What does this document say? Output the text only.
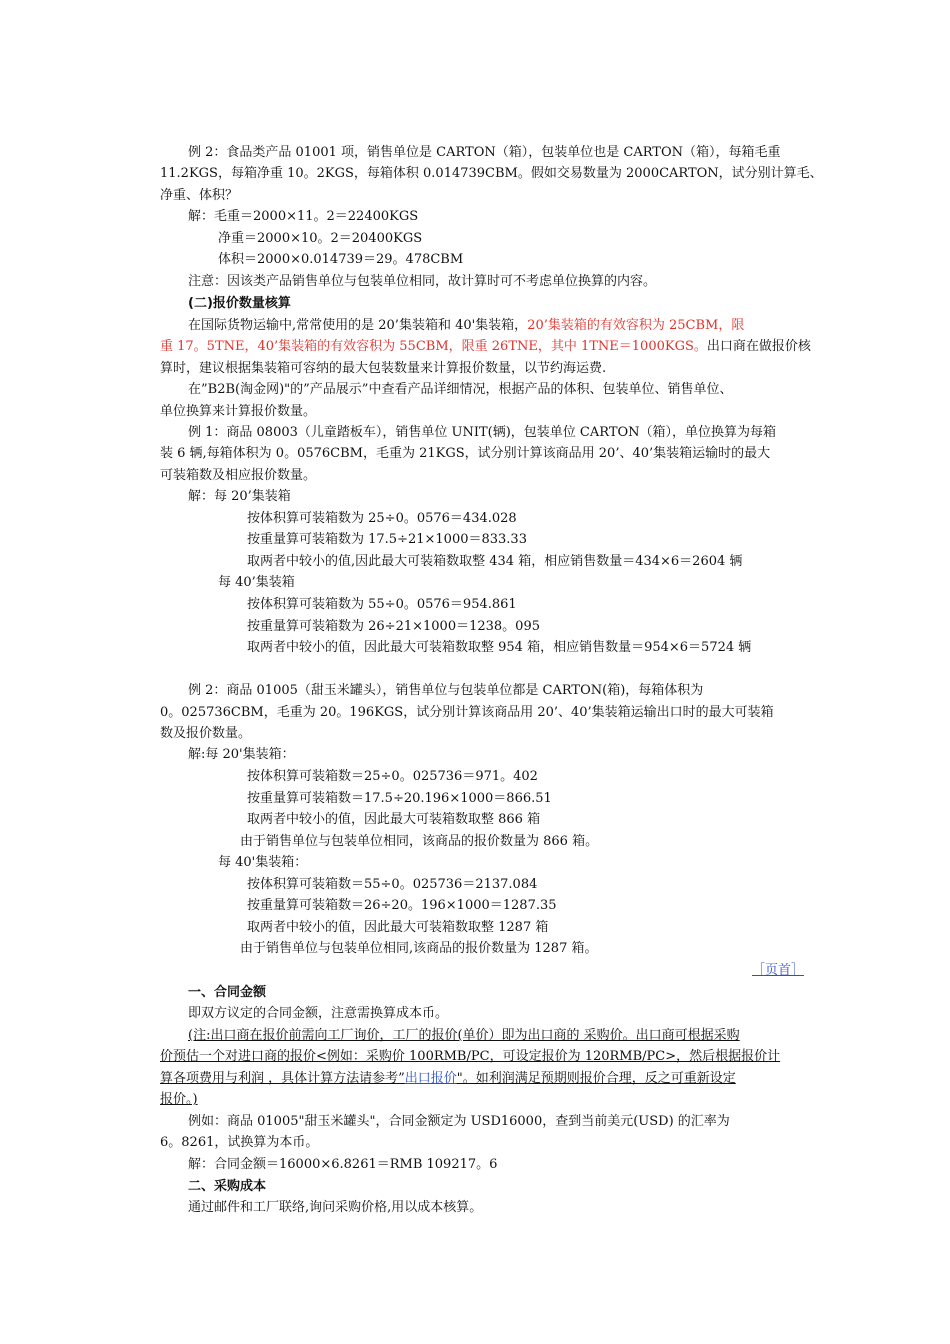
例 2：食品类产品 01001 项，销售单位是 CARTON（箱），包装单位也是 CARTON（箱），每箱毛重
11.2KGS，每箱净重 10。2KGS，每箱体积 0.014739CBM。假如交易数量为 2000CARTON，试分别计算毛、
净重、体积？
解：毛重＝2000×11。2＝22400KGS
净重＝2000×10。2＝20400KGS
体积＝2000×0.014739＝29。478CBM
注意：因该类产品销售单位与包装单位相同，故计算时可不考虑单位换算的内容。
(二)报价数量核算
在国际货物运输中,常常使用的是 20’集装箱和 40'集装箱，20’集装箱的有效容积为 25CBM，限
重 17。5TNE，40’集装箱的有效容积为 55CBM，限重 26TNE，其中 1TNE＝1000KGS。出口商在做报价核
算时，建议根据集装箱可容纳的最大包装数量来计算报价数量，以节约海运费.
在”B2B(淘金网)"的”产品展示”中查看产品详细情况，根据产品的体积、包装单位、销售单位、
单位换算来计算报价数量。
例 1：商品 08003（儿童踏板车），销售单位 UNIT(辆)，包装单位 CARTON（箱），单位换算为每箱
装 6 辆,每箱体积为 0。0576CBM，毛重为 21KGS，试分别计算该商品用 20’、40’集装箱运输时的最大
可装箱数及相应报价数量。
解：每 20’集装箱
按体积算可装箱数为 25÷0。0576＝434.028
按重量算可装箱数为 17.5÷21×1000＝833.33
取两者中较小的值,因此最大可装箱数取整 434 箱，相应销售数量＝434×6＝2604 辆
每 40’集装箱
按体积算可装箱数为 55÷0。0576＝954.861
按重量算可装箱数为 26÷21×1000＝1238。095
取两者中较小的值，因此最大可装箱数取整 954 箱，相应销售数量＝954×6＝5724 辆
例 2：商品 01005（甜玉米罐头），销售单位与包装单位都是 CARTON(箱)，每箱体积为
0。025736CBM，毛重为 20。196KGS，试分别计算该商品用 20’、40’集装箱运输出口时的最大可装箱
数及报价数量。
解:每 20'集装箱：
按体积算可装箱数＝25÷0。025736＝971。402
按重量算可装箱数＝17.5÷20.196×1000＝866.51
取两者中较小的值，因此最大可装箱数取整 866 箱
由于销售单位与包装单位相同，该商品的报价数量为 866 箱。
每 40'集装箱：
按体积算可装箱数＝55÷0。025736＝2137.084
按重量算可装箱数＝26÷20。196×1000＝1287.35
取两者中较小的值，因此最大可装箱数取整 1287 箱
由于销售单位与包装单位相同,该商品的报价数量为 1287 箱。
［页首］
一、合同金额
即双方议定的合同金额，注意需换算成本币。
(注:出口商在报价前需向工厂询价，工厂的报价(单价）即为出口商的 采购价。出口商可根据采购
价预估一个对进口商的报价<例如：采购价 100RMB/PC，可设定报价为 120RMB/PC>，然后根据报价计
算各项费用与利润 ，具体计算方法请参考”出口报价"。如利润满足预期则报价合理，反之可重新设定
报价。)
例如：商品 01005"甜玉米罐头"，合同金额定为 USD16000，查到当前美元(USD) 的汇率为
6。8261，试换算为本币。
解：合同金额＝16000×6.8261＝RMB 109217。6
二、采购成本
通过邮件和工厂联络,询问采购价格,用以成本核算。
